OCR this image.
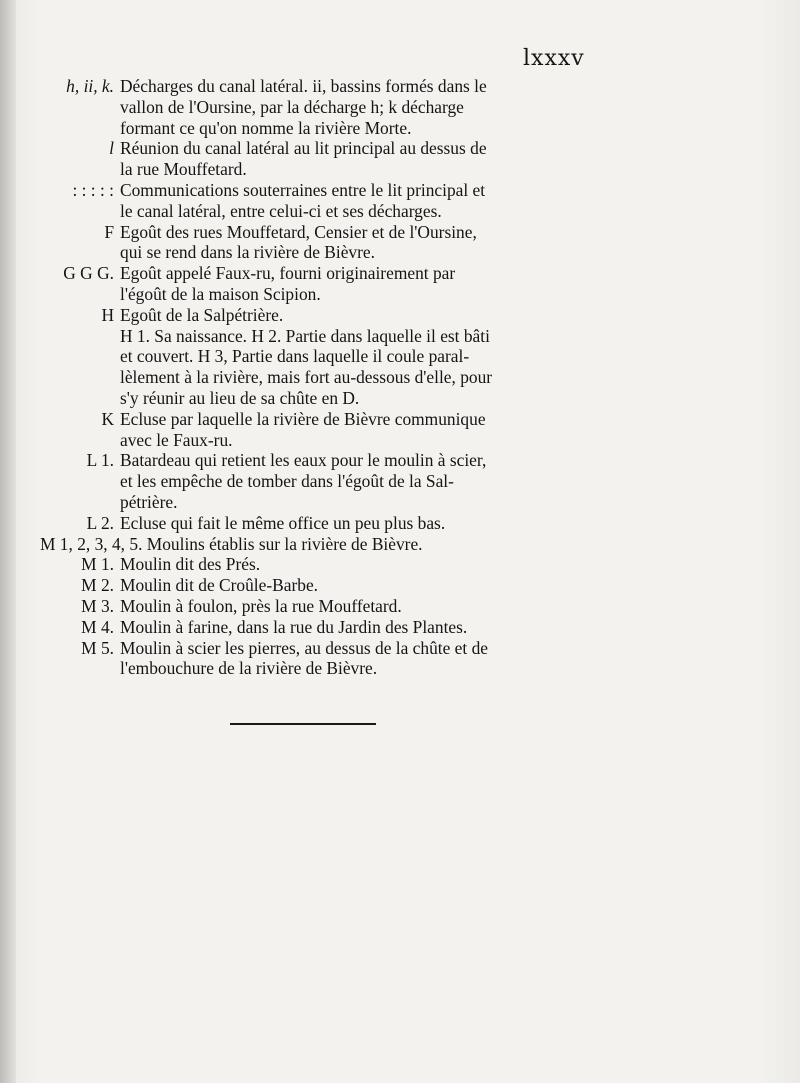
lxxxv
h, ii, k. Décharges du canal latéral. ii, bassins formés dans le
vallon de l'Oursine, par la décharge h; k décharge
formant ce qu'on nomme la rivière Morte.
l Réunion du canal latéral au lit principal au dessus de
la rue Mouffetard.
: : : : : Communications souterraines entre le lit principal et
le canal latéral, entre celui-ci et ses décharges.
F Egoût des rues Mouffetard, Censier et de l'Oursine,
qui se rend dans la rivière de Bièvre.
G G G. Egoût appelé Faux-ru, fourni originairement par
l'égoût de la maison Scipion.
H Egoût de la Salpétrière.
H 1. Sa naissance. H 2. Partie dans laquelle il est bâti
et couvert. H 3, Partie dans laquelle il coule paral-
lèlement à la rivière, mais fort au-dessous d'elle, pour
s'y réunir au lieu de sa chûte en D.
K Ecluse par laquelle la rivière de Bièvre communique
avec le Faux-ru.
L 1. Batardeau qui retient les eaux pour le moulin à scier,
et les empêche de tomber dans l'égoût de la Sal-
pétrière.
L 2. Ecluse qui fait le même office un peu plus bas.
M 1, 2, 3, 4, 5. Moulins établis sur la rivière de Bièvre.
M 1. Moulin dit des Prés.
M 2. Moulin dit de Croûle-Barbe.
M 3. Moulin à foulon, près la rue Mouffetard.
M 4. Moulin à farine, dans la rue du Jardin des Plantes.
M 5. Moulin à scier les pierres, au dessus de la chûte et de
l'embouchure de la rivière de Bièvre.
